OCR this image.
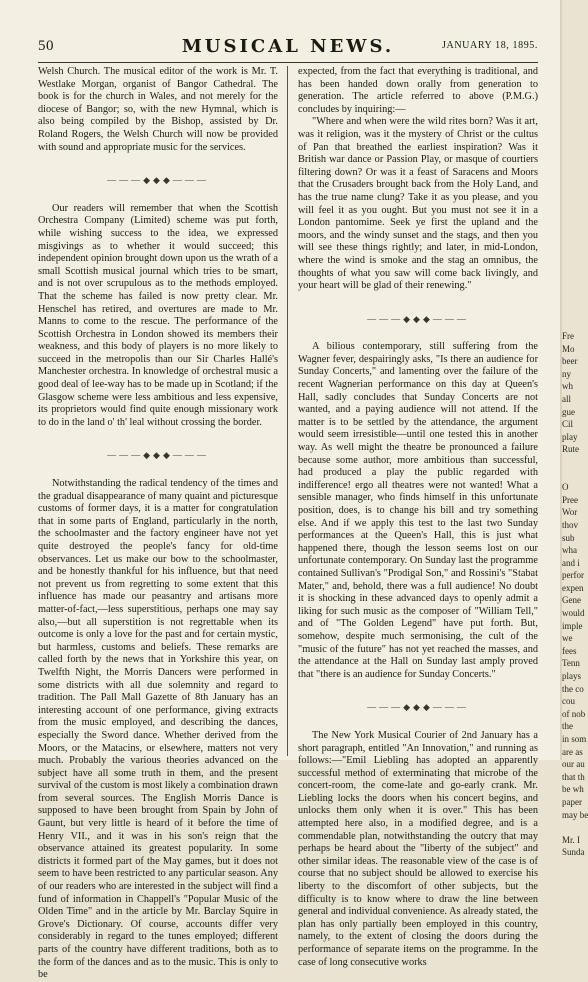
50	MUSICAL NEWS.	JANUARY 18, 1895.

Welsh Church. The musical editor of the work is Mr. T. Westlake Morgan, organist of Bangor Cathedral. The book is for the church in Wales, and not merely for the diocese of Bangor; so, with the new Hymnal, which is also being compiled by the Bishop, assisted by Dr. Roland Rogers, the Welsh Church will now be provided with sound and appropriate music for the services.

———◆◆◆———

Our readers will remember that when the Scottish Orchestra Company (Limited) scheme was put forth, while wishing success to the idea, we expressed misgivings as to whether it would succeed; this independent opinion brought down upon us the wrath of a small Scottish musical journal which tries to be smart, and is not over scrupulous as to the methods employed. That the scheme has failed is now pretty clear. Mr. Henschel has retired, and overtures are made to Mr. Manns to come to the rescue. The performance of the Scottish Orchestra in London showed its members their weakness, and this body of players is no more likely to succeed in the metropolis than our Sir Charles Hallé's Manchester orchestra. In knowledge of orchestral music a good deal of lee-way has to be made up in Scotland; if the Glasgow scheme were less ambitious and less expensive, its proprietors would find quite enough missionary work to do in the land o' th' leal without crossing the border.

———◆◆◆———

Notwithstanding the radical tendency of the times and the gradual disappearance of many quaint and picturesque customs of former days, it is a matter for congratulation that in some parts of England, particularly in the north, the schoolmaster and the factory engineer have not yet quite destroyed the people's fancy for old-time observances. Let us make our bow to the schoolmaster, and be honestly thankful for his influence, but that need not prevent us from regretting to some extent that this influence has made our peasantry and artisans more matter-of-fact,—less superstitious, perhaps one may say also,—but all superstition is not regrettable when its outcome is only a love for the past and for certain mystic, but harmless, customs and beliefs. These remarks are called forth by the news that in Yorkshire this year, on Twelfth Night, the Morris Dancers were performed in some districts with all due solemnity and regard to tradition. The Pall Mall Gazette of 8th January has an interesting account of one performance, giving extracts from the music employed, and describing the dances, especially the Sword dance. Whether derived from the Moors, or the Matacins, or elsewhere, matters not very much. Probably the various theories advanced on the subject have all some truth in them, and the present survival of the custom is most likely a combination drawn from several sources. The English Morris Dance is supposed to have been brought from Spain by John of Gaunt, but very little is heard of it before the time of Henry VII., and it was in his son's reign that the observance attained its greatest popularity. In some districts it formed part of the May games, but it does not seem to have been restricted to any particular season. Any of our readers who are interested in the subject will find a fund of information in Chappell's "Popular Music of the Olden Time" and in the article by Mr. Barclay Squire in Grove's Dictionary. Of course, accounts differ very considerably in regard to the tunes employed; different parts of the country have different traditions, both as to the form of the dances and as to the music. This is only to be

expected, from the fact that everything is traditional, and has been handed down orally from generation to generation. The article referred to above (P.M.G.) concludes by inquiring:—

"Where and when were the wild rites born? Was it art, was it religion, was it the mystery of Christ or the cultus of Pan that breathed the earliest inspiration? Was it British war dance or Passion Play, or masque of courtiers filtering down? Or was it a feast of Saracens and Moors that the Crusaders brought back from the Holy Land, and has the true name clung? Take it as you please, and you will feel it as you ought. But you must not see it in a London pantomime. Seek ye first the upland and the moors, and the windy sunset and the stags, and then you will see these things rightly; and later, in mid-London, where the wind is smoke and the stag an omnibus, the thoughts of what you saw will come back livingly, and your heart will be glad of their renewing."

———◆◆◆———

A bilious contemporary, still suffering from the Wagner fever, despairingly asks, "Is there an audience for Sunday Concerts," and lamenting over the failure of the recent Wagnerian performance on this day at Queen's Hall, sadly concludes that Sunday Concerts are not wanted, and a paying audience will not attend. If the matter is to be settled by the attendance, the argument would seem irresistible—until one tested this in another way. As well might the theatre be pronounced a failure because some author, more ambitious than successful, had produced a play the public regarded with indifference! ergo all theatres were not wanted! What a sensible manager, who finds himself in this unfortunate position, does, is to change his bill and try something else. And if we apply this test to the last two Sunday performances at the Queen's Hall, this is just what happened there, though the lesson seems lost on our unfortunate contemporary. On Sunday last the programme contained Sullivan's "Prodigal Son," and Rossini's "Stabat Mater," and, behold, there was a full audience! No doubt it is shocking in these advanced days to openly admit a liking for such music as the composer of "William Tell," and of "The Golden Legend" have put forth. But, somehow, despite much sermonising, the cult of the "music of the future" has not yet reached the masses, and the attendance at the Hall on Sunday last amply proved that "there is an audience for Sunday Concerts."

———◆◆◆———

The New York Musical Courier of 2nd January has a short paragraph, entitled "An Innovation," and running as follows:—"Emil Liebling has adopted an apparently successful method of exterminating that microbe of the concert-room, the come-late and go-early crank. Mr. Liebling locks the doors when his concert begins, and unlocks them only when it is over." This has been attempted here also, in a modified degree, and is a commendable plan, notwithstanding the outcry that may perhaps be heard about the "liberty of the subject" and other similar ideas. The reasonable view of the case is of course that no subject should be allowed to exercise his liberty to the discomfort of other subjects, but the difficulty is to know where to draw the line between general and individual convenience. As already stated, the plan has only partially been employed in this country, namely, to the extent of closing the doors during the performance of separate items on the programme. In the case of long consecutive works

Fre
Mo
beer
ny
wh
all
gue
Cil
play
Rute
O
Pree
Wor
thov
sub
wha
and i
perfor
expen
Gene
would
imple
we
fees
Tenn
plays
the co
cou
of nob
the
in som
are as
our au
that th
be wh
paper
may be
Mr. I
Sunda
